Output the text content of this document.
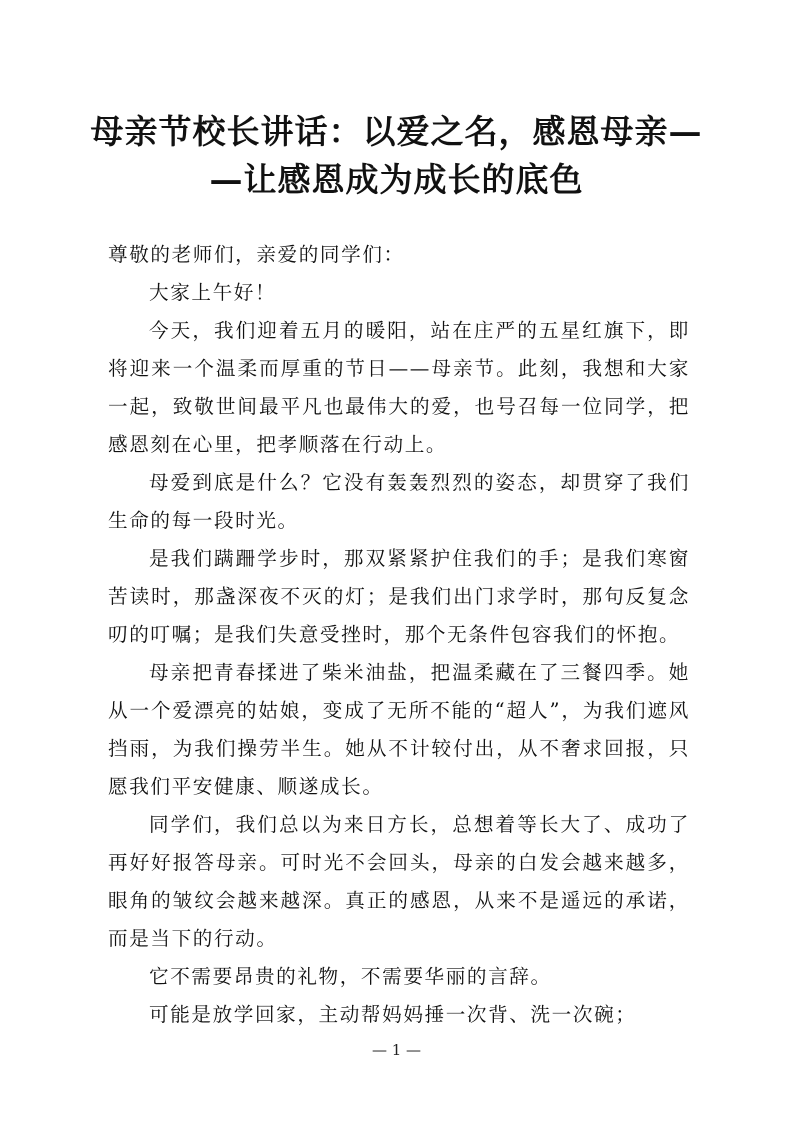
母亲节校长讲话：以爱之名，感恩母亲—
—让感恩成为成长的底色

尊敬的老师们，亲爱的同学们：

大家上午好！

今天，我们迎着五月的暖阳，站在庄严的五星红旗下，即将迎来一个温柔而厚重的节日——母亲节。此刻，我想和大家一起，致敬世间最平凡也最伟大的爱，也号召每一位同学，把感恩刻在心里，把孝顺落在行动上。

母爱到底是什么？它没有轰轰烈烈的姿态，却贯穿了我们生命的每一段时光。

是我们蹒跚学步时，那双紧紧护住我们的手；是我们寒窗苦读时，那盏深夜不灭的灯；是我们出门求学时，那句反复念叨的叮嘱；是我们失意受挫时，那个无条件包容我们的怀抱。

母亲把青春揉进了柴米油盐，把温柔藏在了三餐四季。她从一个爱漂亮的姑娘，变成了无所不能的“超人”，为我们遮风挡雨，为我们操劳半生。她从不计较付出，从不奢求回报，只愿我们平安健康、顺遂成长。

同学们，我们总以为来日方长，总想着等长大了、成功了再好好报答母亲。可时光不会回头，母亲的白发会越来越多，眼角的皱纹会越来越深。真正的感恩，从来不是遥远的承诺，而是当下的行动。

它不需要昂贵的礼物，不需要华丽的言辞。

可能是放学回家，主动帮妈妈捶一次背、洗一次碗；

— 1 —
